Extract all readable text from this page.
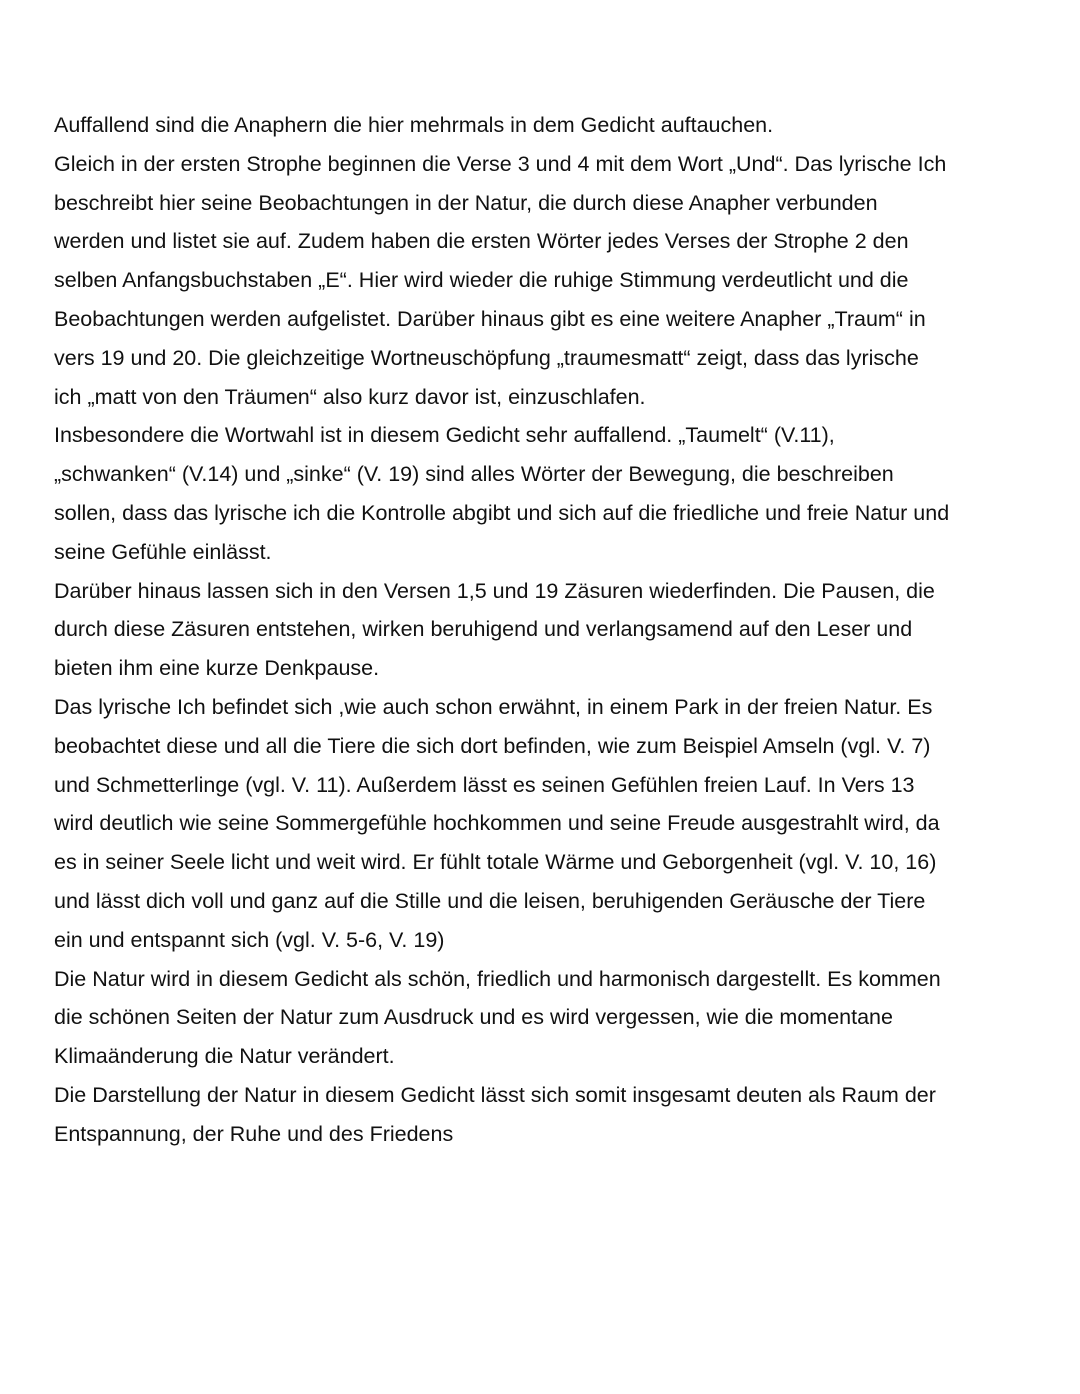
Auffallend sind die Anaphern die hier mehrmals in dem Gedicht auftauchen.
Gleich in der ersten Strophe beginnen die Verse 3 und 4 mit dem Wort „Und“. Das lyrische Ich
beschreibt hier seine Beobachtungen in der Natur, die durch diese Anapher verbunden
werden und listet sie auf. Zudem haben die ersten Wörter jedes Verses der Strophe 2 den
selben Anfangsbuchstaben „E“. Hier wird wieder die ruhige Stimmung verdeutlicht und die
Beobachtungen werden aufgelistet. Darüber hinaus gibt es eine weitere Anapher „Traum“ in
vers 19 und 20. Die gleichzeitige Wortneuschöpfung „traumesmatt“ zeigt, dass das lyrische
ich „matt von den Träumen“ also kurz davor ist, einzuschlafen.
Insbesondere die Wortwahl ist in diesem Gedicht sehr auffallend. „Taumelt“ (V.11),
„schwanken“ (V.14) und „sinke“ (V. 19) sind alles Wörter der Bewegung, die beschreiben
sollen, dass das lyrische ich die Kontrolle abgibt und sich auf die friedliche und freie Natur und
seine Gefühle einlässt.
Darüber hinaus lassen sich in den Versen 1,5 und 19 Zäsuren wiederfinden. Die Pausen, die
durch diese Zäsuren entstehen, wirken beruhigend und verlangsamend auf den Leser und
bieten ihm eine kurze Denkpause.
Das lyrische Ich befindet sich ,wie auch schon erwähnt, in einem Park in der freien Natur. Es
beobachtet diese und all die Tiere die sich dort befinden, wie zum Beispiel Amseln (vgl. V. 7)
und Schmetterlinge (vgl. V. 11). Außerdem lässt es seinen Gefühlen freien Lauf. In Vers 13
wird deutlich wie seine Sommergefühle hochkommen und seine Freude ausgestrahlt wird, da
es in seiner Seele licht und weit wird. Er fühlt totale Wärme und Geborgenheit (vgl. V. 10, 16)
und lässt dich voll und ganz auf die Stille und die leisen, beruhigenden Geräusche der Tiere
ein und entspannt sich (vgl. V. 5-6, V. 19)
Die Natur wird in diesem Gedicht als schön, friedlich und harmonisch dargestellt. Es kommen
die schönen Seiten der Natur zum Ausdruck und es wird vergessen, wie die momentane
Klimaänderung die Natur verändert.
Die Darstellung der Natur in diesem Gedicht lässt sich somit insgesamt deuten als Raum der
Entspannung, der Ruhe und des Friedens
